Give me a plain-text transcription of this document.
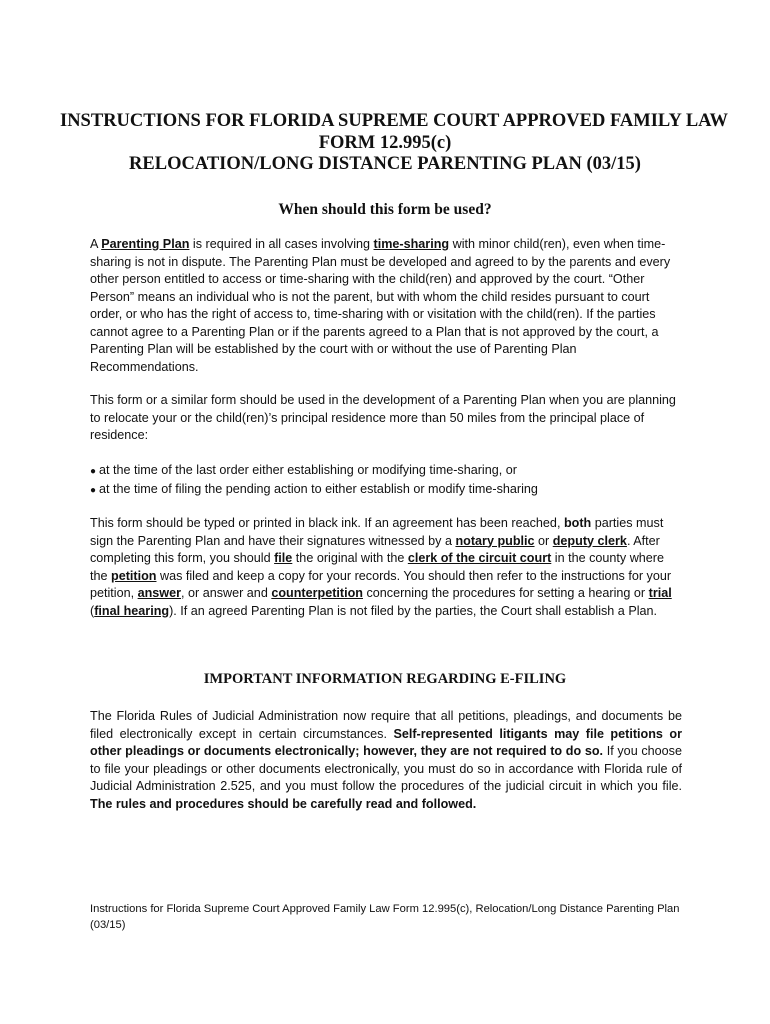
INSTRUCTIONS FOR FLORIDA SUPREME COURT APPROVED FAMILY LAW
FORM 12.995(c)
RELOCATION/LONG DISTANCE PARENTING PLAN (03/15)
When should this form be used?

A Parenting Plan is required in all cases involving time-sharing with minor child(ren), even when time-sharing is not in dispute. The Parenting Plan must be developed and agreed to by the parents and every other person entitled to access or time-sharing with the child(ren) and approved by the court. “Other Person” means an individual who is not the parent, but with whom the child resides pursuant to court order, or who has the right of access to, time-sharing with or visitation with the child(ren). If the parties cannot agree to a Parenting Plan or if the parents agreed to a Plan that is not approved by the court, a Parenting Plan will be established by the court with or without the use of Parenting Plan Recommendations.

This form or a similar form should be used in the development of a Parenting Plan when you are planning to relocate your or the child(ren)’s principal residence more than 50 miles from the principal place of residence:

● at the time of the last order either establishing or modifying time-sharing, or
● at the time of filing the pending action to either establish or modify time-sharing

This form should be typed or printed in black ink. If an agreement has been reached, both parties must sign the Parenting Plan and have their signatures witnessed by a notary public or deputy clerk. After completing this form, you should file the original with the clerk of the circuit court in the county where the petition was filed and keep a copy for your records. You should then refer to the instructions for your petition, answer, or answer and counterpetition concerning the procedures for setting a hearing or trial (final hearing). If an agreed Parenting Plan is not filed by the parties, the Court shall establish a Plan.

IMPORTANT INFORMATION REGARDING E-FILING

The Florida Rules of Judicial Administration now require that all petitions, pleadings, and documents be filed electronically except in certain circumstances. Self-represented litigants may file petitions or other pleadings or documents electronically; however, they are not required to do so. If you choose to file your pleadings or other documents electronically, you must do so in accordance with Florida rule of Judicial Administration 2.525, and you must follow the procedures of the judicial circuit in which you file. The rules and procedures should be carefully read and followed.

Instructions for Florida Supreme Court Approved Family Law Form 12.995(c), Relocation/Long Distance Parenting Plan (03/15)
